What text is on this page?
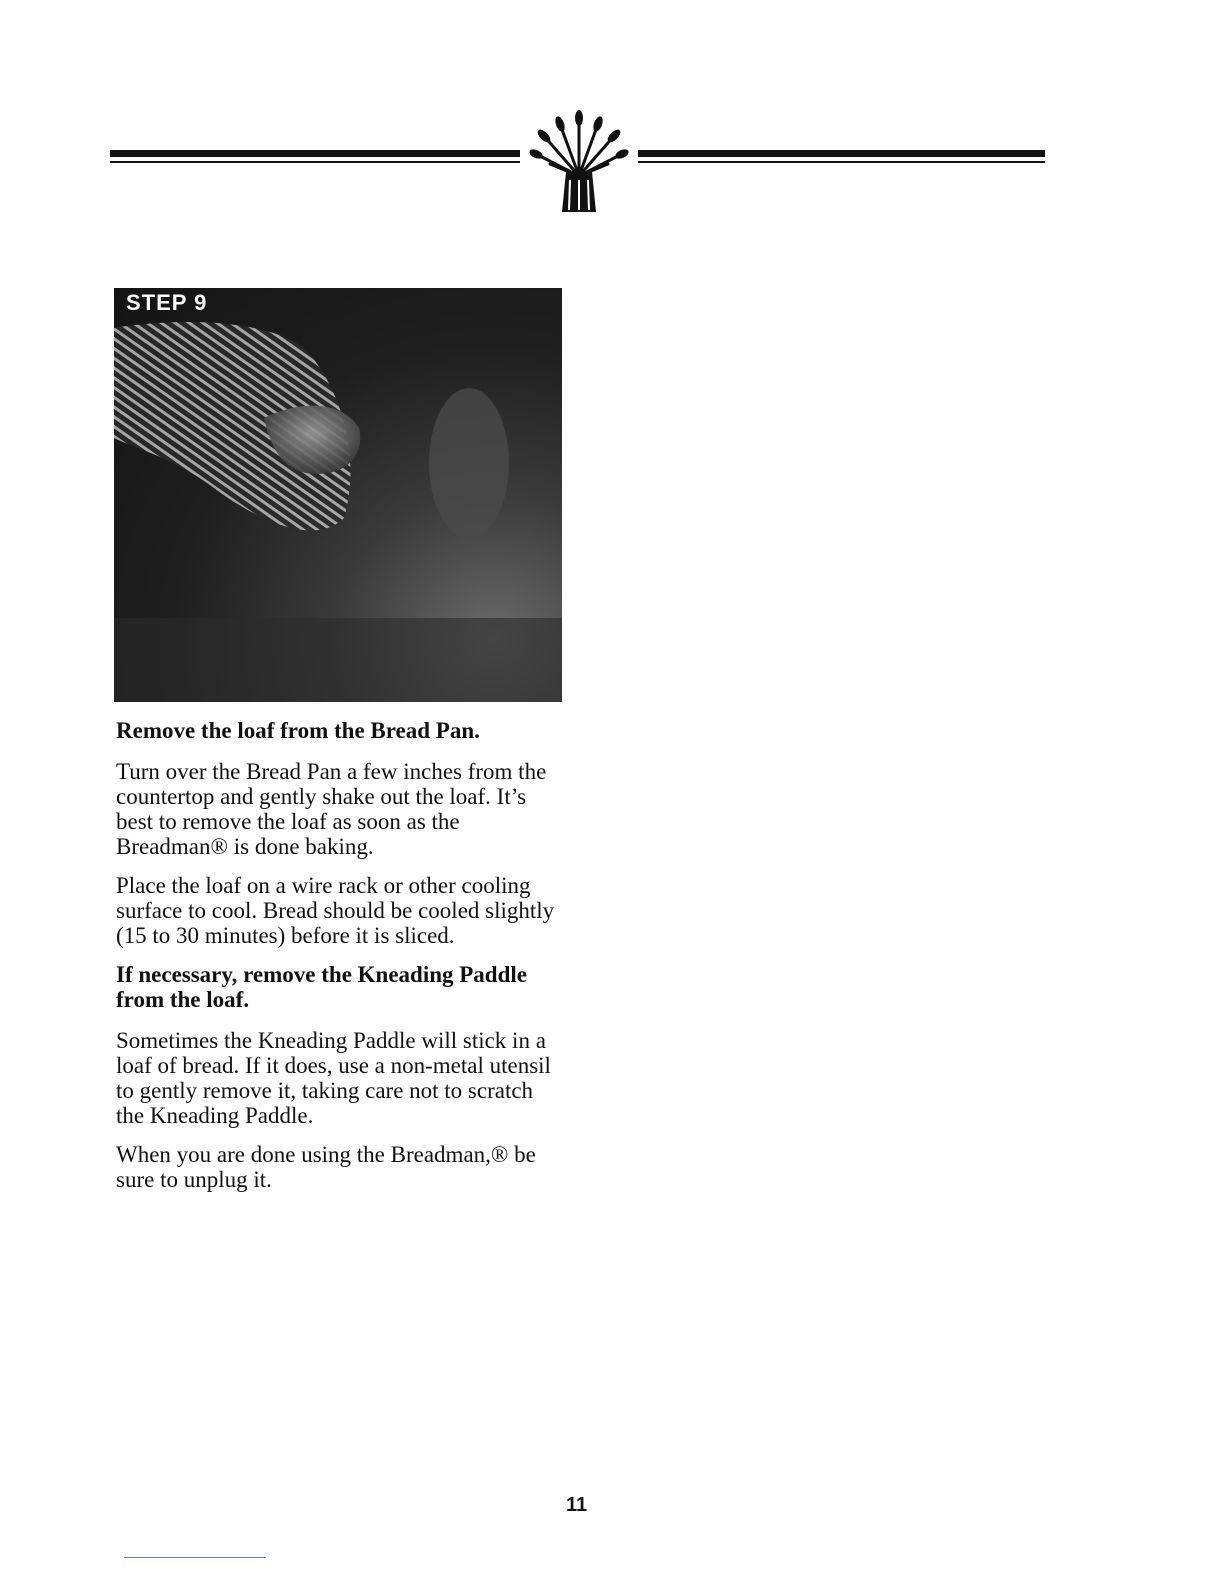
STEP 9

Remove the loaf from the Bread Pan.

Turn over the Bread Pan a few inches from the countertop and gently shake out the loaf. It’s best to remove the loaf as soon as the Breadman® is done baking.

Place the loaf on a wire rack or other cooling surface to cool. Bread should be cooled slightly (15 to 30 minutes) before it is sliced.

If necessary, remove the Kneading Paddle from the loaf.

Sometimes the Kneading Paddle will stick in a loaf of bread. If it does, use a non-metal utensil to gently remove it, taking care not to scratch the Kneading Paddle.

When you are done using the Breadman,® be sure to unplug it.

11
